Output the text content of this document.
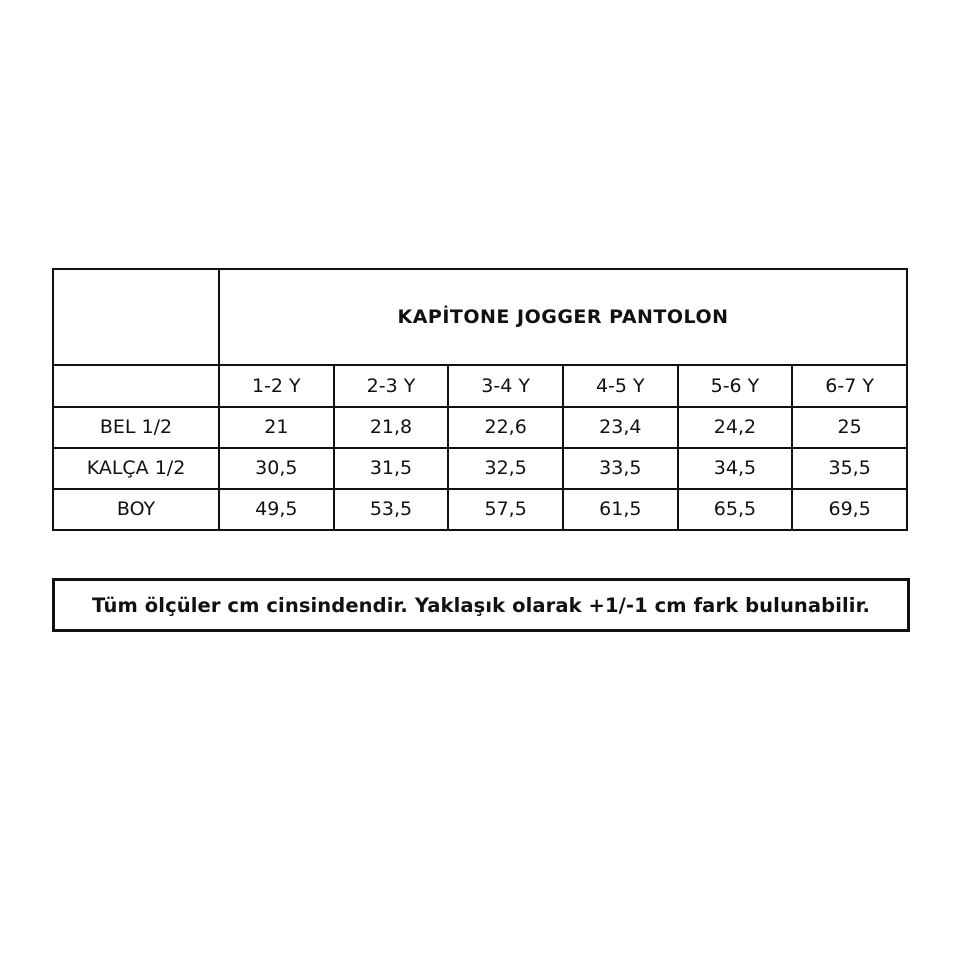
	KAPİTONE JOGGER PANTOLON					
	1-2 Y	2-3 Y	3-4 Y	4-5 Y	5-6 Y	6-7 Y
BEL 1/2	21	21,8	22,6	23,4	24,2	25
KALÇA 1/2	30,5	31,5	32,5	33,5	34,5	35,5
BOY	49,5	53,5	57,5	61,5	65,5	69,5
Tüm ölçüler cm cinsindendir. Yaklaşık olarak +1/-1 cm fark bulunabilir.
